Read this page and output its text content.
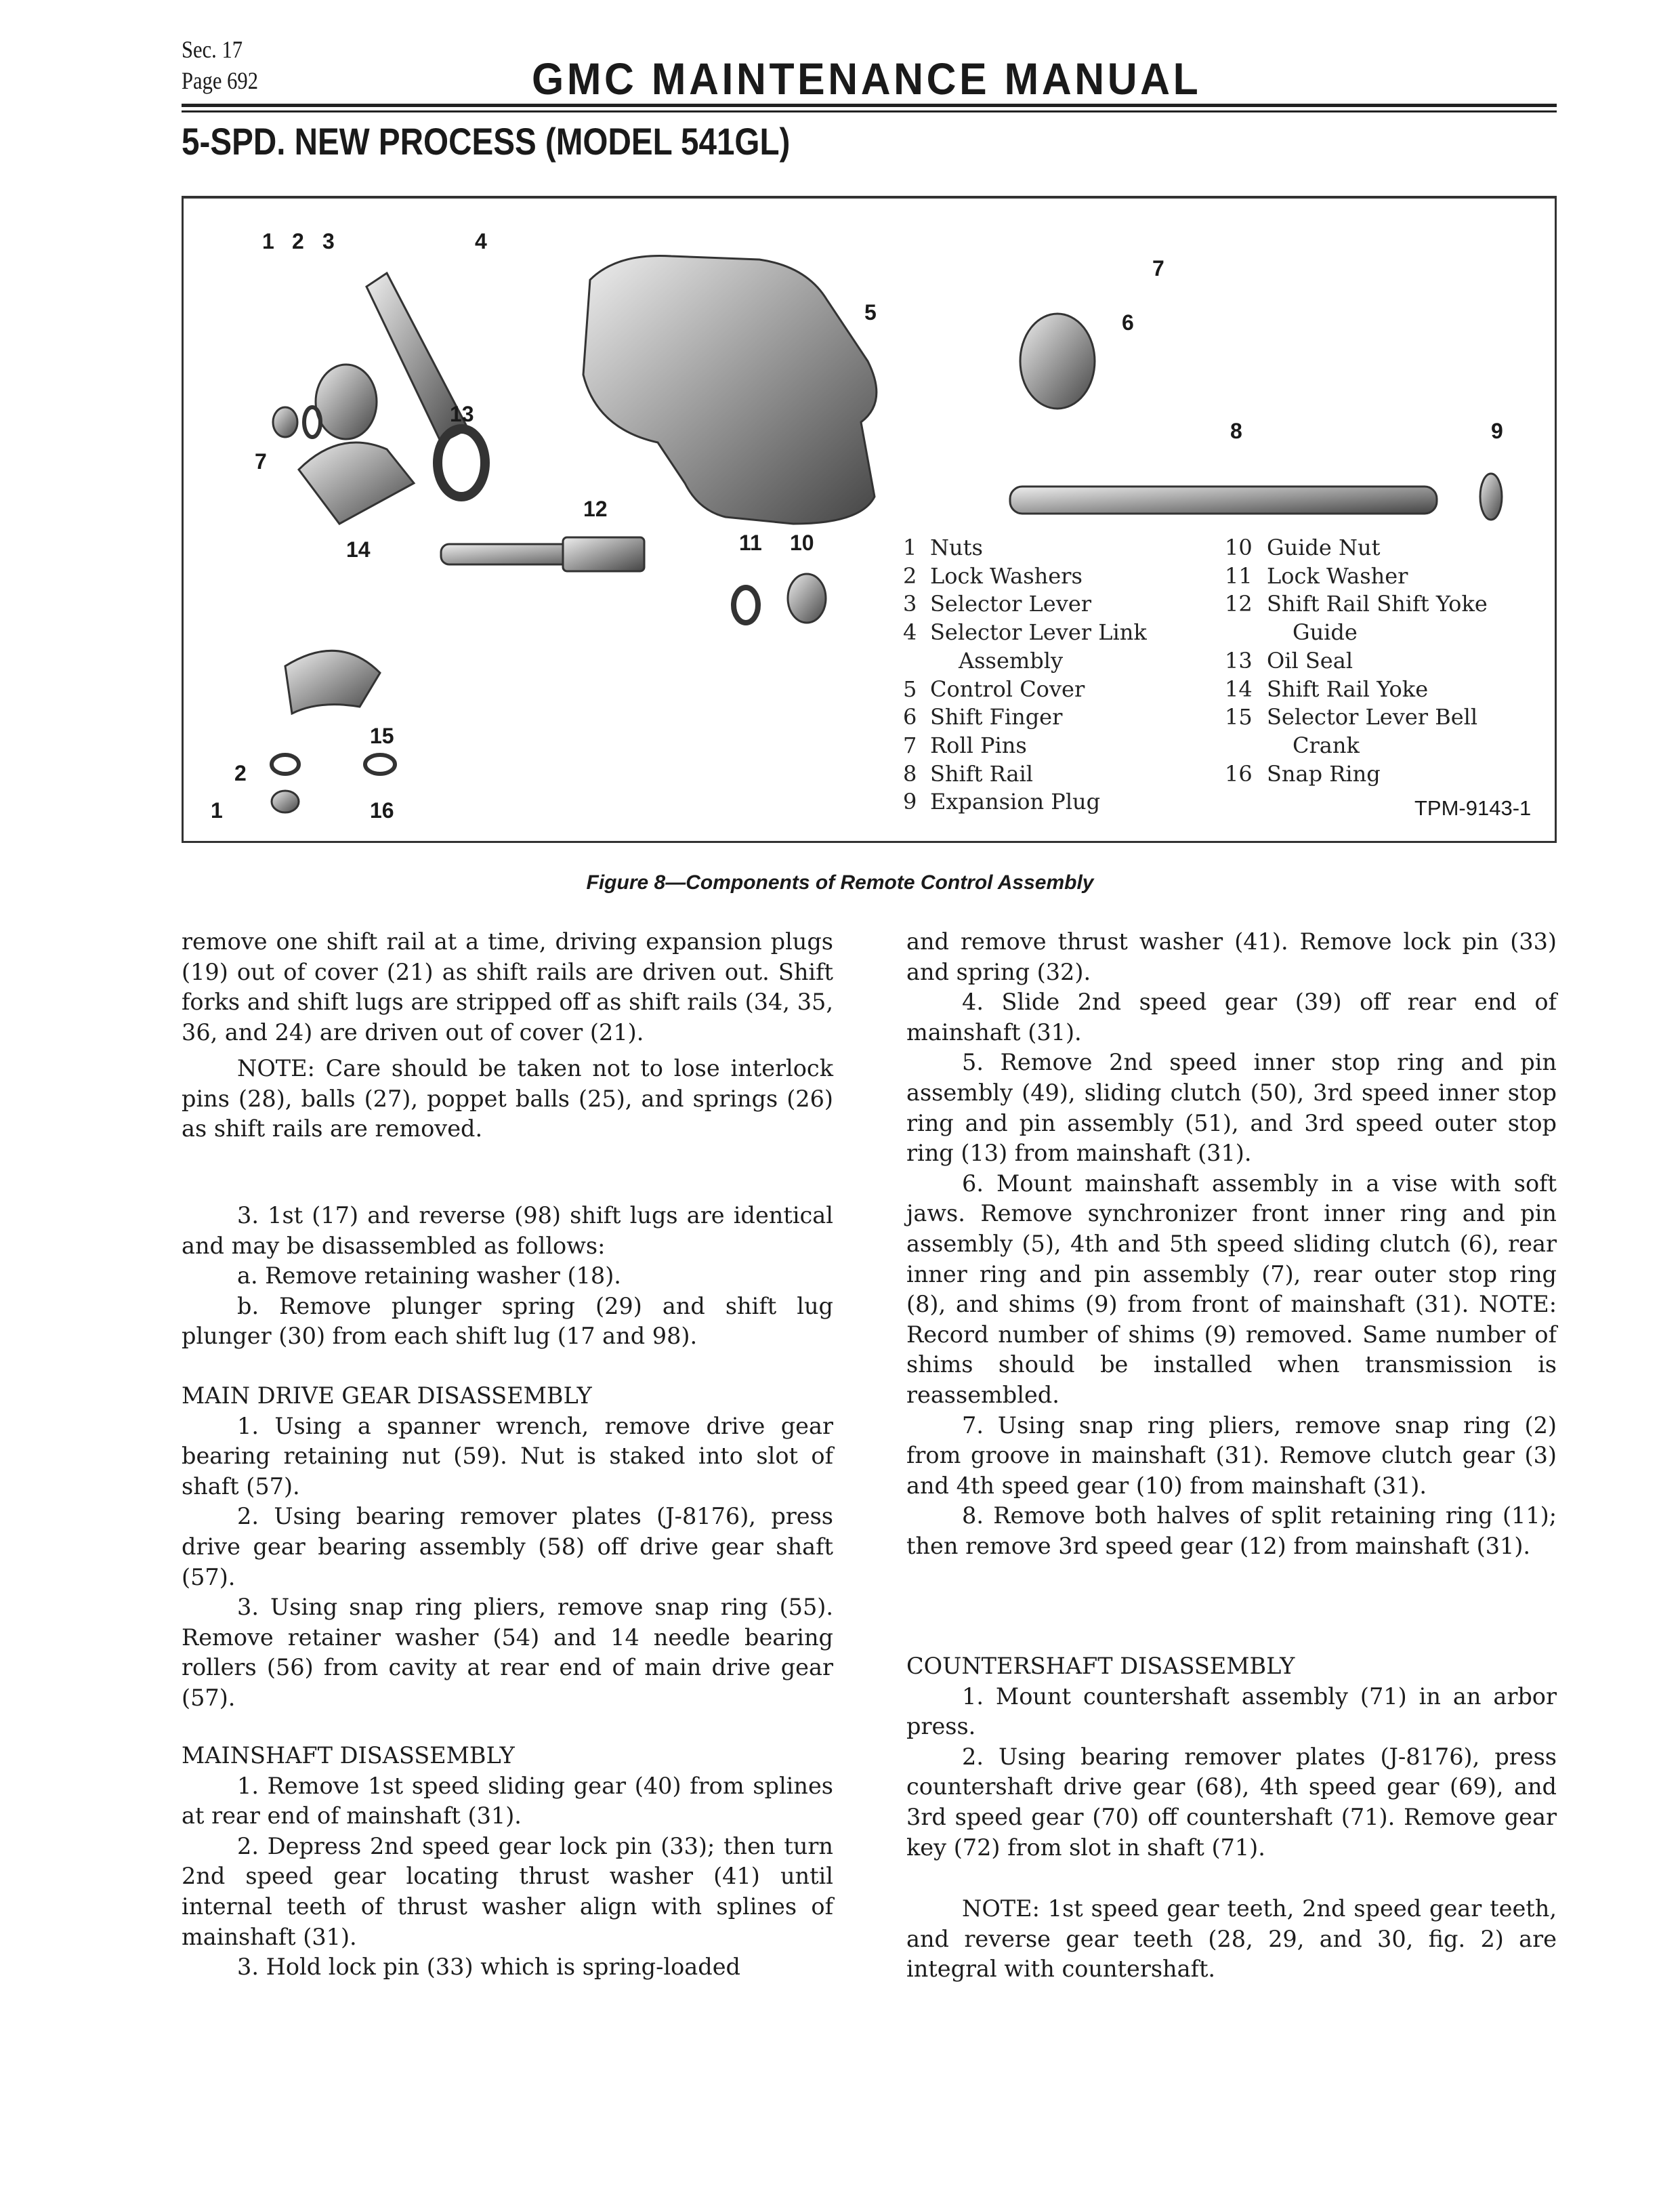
Sec. 17
Page 692	GMC MAINTENANCE MANUAL
5-SPD. NEW PROCESS (MODEL 541GL)
1 2 3	4
5	6
7
7
8	9
10
11
12
13
14
15
16
2
1
1 Nuts
2 Lock Washers
3 Selector Lever
4 Selector Lever Link
Assembly
5 Control Cover
6 Shift Finger
7 Roll Pins
8 Shift Rail
9 Expansion Plug
10 Guide Nut
11 Lock Washer
12 Shift Rail Shift Yoke
Guide
13 Oil Seal
14 Shift Rail Yoke
15 Selector Lever Bell
Crank
16 Snap Ring
TPM-9143-1
Figure 8—Components of Remote Control Assembly

remove one shift rail at a time, driving expansion plugs (19) out of cover (21) as shift rails are driven out. Shift forks and shift lugs are stripped off as shift rails (34, 35, 36, and 24) are driven out of cover (21).

NOTE: Care should be taken not to lose interlock pins (28), balls (27), poppet balls (25), and springs (26) as shift rails are removed.

3. 1st (17) and reverse (98) shift lugs are identical and may be disassembled as follows:

a. Remove retaining washer (18).

b. Remove plunger spring (29) and shift lug plunger (30) from each shift lug (17 and 98).

MAIN DRIVE GEAR DISASSEMBLY

1. Using a spanner wrench, remove drive gear bearing retaining nut (59). Nut is staked into slot of shaft (57).

2. Using bearing remover plates (J-8176), press drive gear bearing assembly (58) off drive gear shaft (57).

3. Using snap ring pliers, remove snap ring (55). Remove retainer washer (54) and 14 needle bearing rollers (56) from cavity at rear end of main drive gear (57).

MAINSHAFT DISASSEMBLY

1. Remove 1st speed sliding gear (40) from splines at rear end of mainshaft (31).

2. Depress 2nd speed gear lock pin (33); then turn 2nd speed gear locating thrust washer (41) until internal teeth of thrust washer align with splines of mainshaft (31).

3. Hold lock pin (33) which is spring-loaded

and remove thrust washer (41). Remove lock pin (33) and spring (32).

4. Slide 2nd speed gear (39) off rear end of mainshaft (31).

5. Remove 2nd speed inner stop ring and pin assembly (49), sliding clutch (50), 3rd speed inner stop ring and pin assembly (51), and 3rd speed outer stop ring (13) from mainshaft (31).

6. Mount mainshaft assembly in a vise with soft jaws. Remove synchronizer front inner ring and pin assembly (5), 4th and 5th speed sliding clutch (6), rear inner ring and pin assembly (7), rear outer stop ring (8), and shims (9) from front of mainshaft (31). NOTE: Record number of shims (9) removed. Same number of shims should be installed when transmission is reassembled.

7. Using snap ring pliers, remove snap ring (2) from groove in mainshaft (31). Remove clutch gear (3) and 4th speed gear (10) from mainshaft (31).

8. Remove both halves of split retaining ring (11); then remove 3rd speed gear (12) from mainshaft (31).

COUNTERSHAFT DISASSEMBLY

1. Mount countershaft assembly (71) in an arbor press.

2. Using bearing remover plates (J-8176), press countershaft drive gear (68), 4th speed gear (69), and 3rd speed gear (70) off countershaft (71). Remove gear key (72) from slot in shaft (71).

NOTE: 1st speed gear teeth, 2nd speed gear teeth, and reverse gear teeth (28, 29, and 30, fig. 2) are integral with countershaft.
